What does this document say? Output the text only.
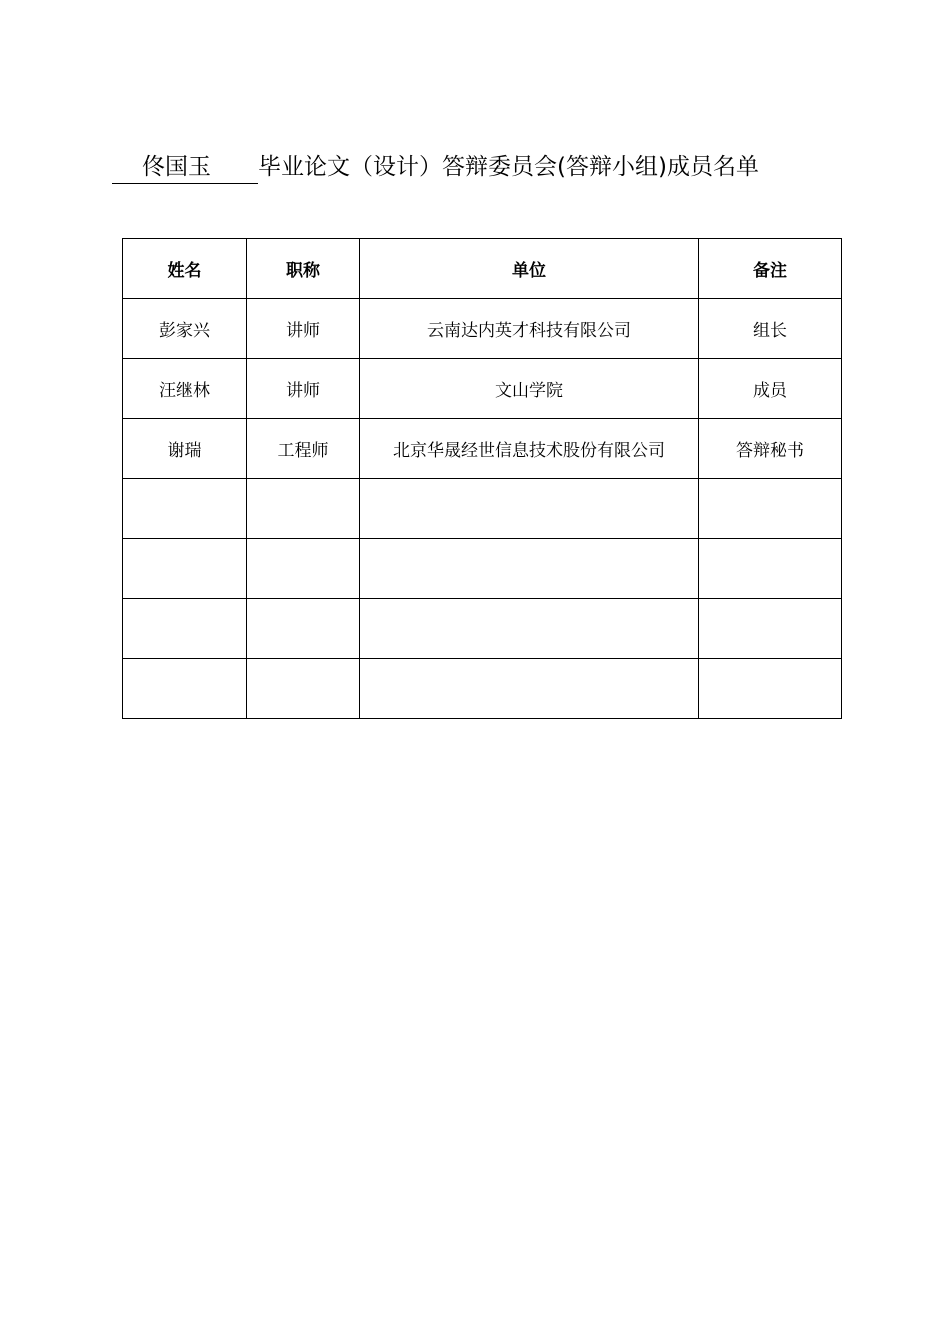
佟国玉 毕业论文（设计）答辩委员会(答辩小组)成员名单
姓名	职称	单位	备注
彭家兴	讲师	云南达内英才科技有限公司	组长
汪继林	讲师	文山学院	成员
谢瑞	工程师	北京华晟经世信息技术股份有限公司	答辩秘书
